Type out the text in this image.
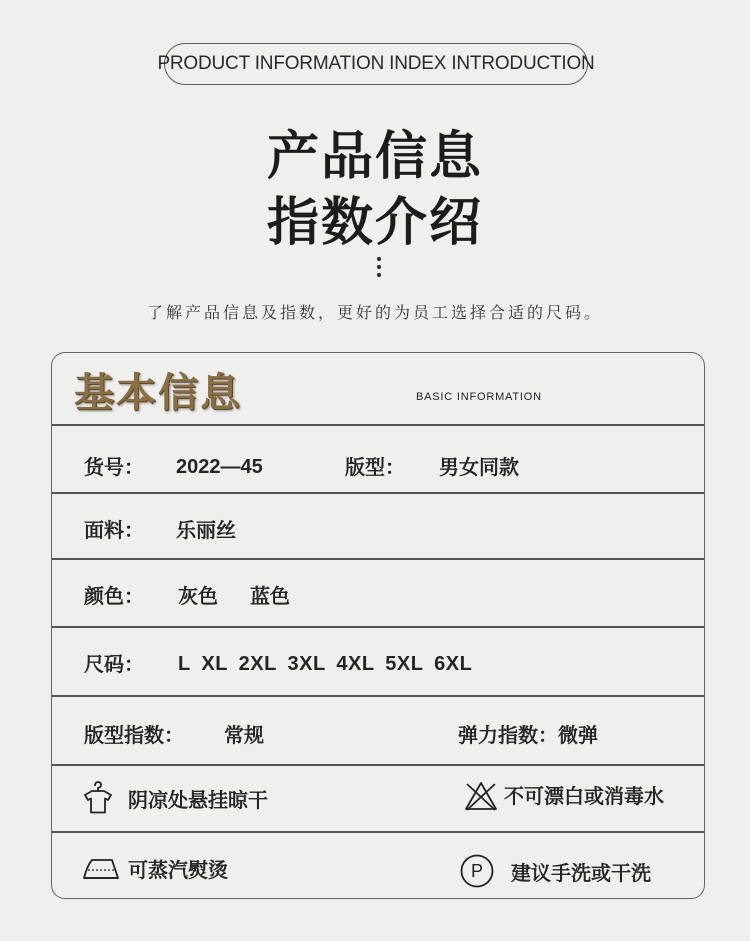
PRODUCT INFORMATION INDEX INTRODUCTION
产品信息
指数介绍
了解产品信息及指数，更好的为员工选择合适的尺码。
基本信息	BASIC INFORMATION
货号： 2022—45	版型： 男女同款
面料： 乐丽丝
颜色： 灰色 蓝色
尺码： L XL 2XL 3XL 4XL 5XL 6XL
版型指数： 常规	弹力指数：微弹
阴凉处悬挂晾干	不可漂白或消毒水
可蒸汽熨烫	P 建议手洗或干洗
